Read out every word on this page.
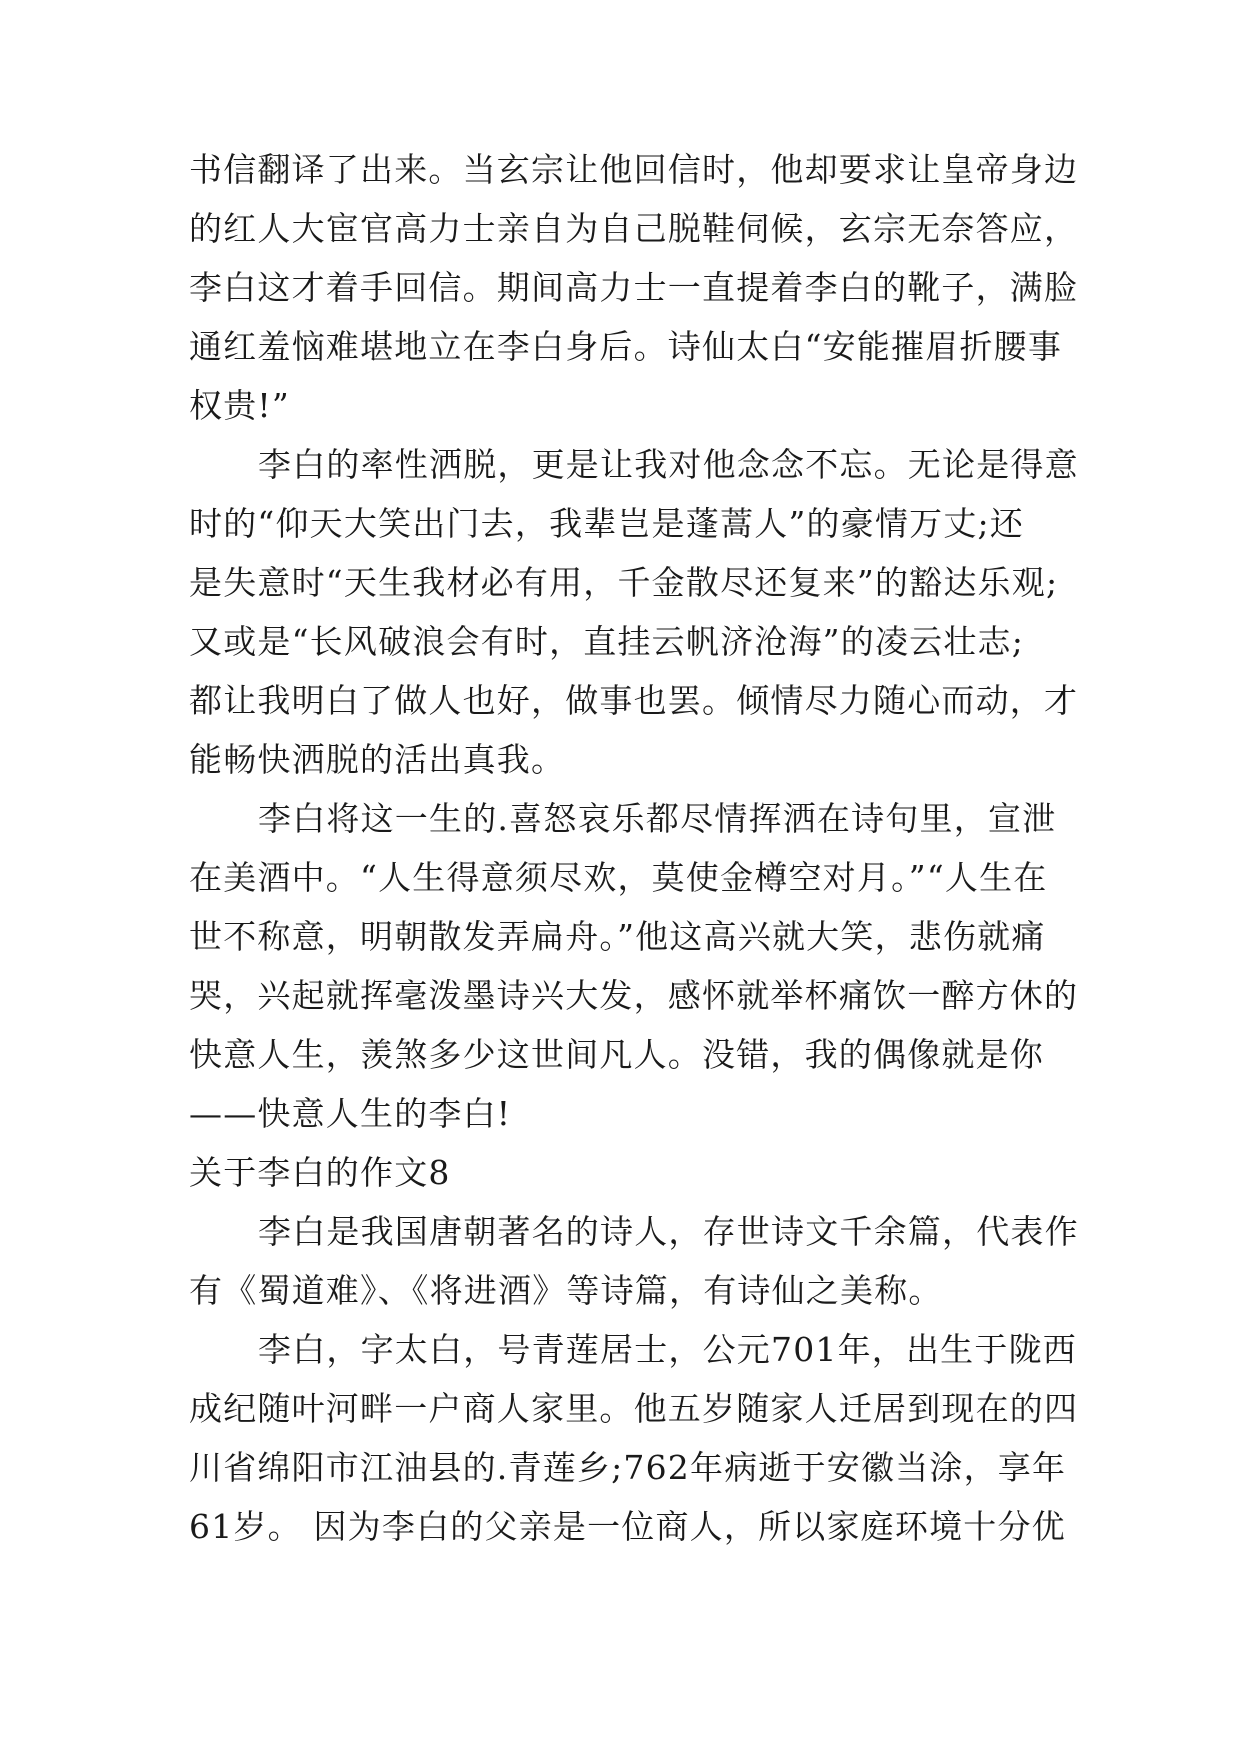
书信翻译了出来。当玄宗让他回信时，他却要求让皇帝身边
的红人大宦官高力士亲自为自己脱鞋伺候，玄宗无奈答应，
李白这才着手回信。期间高力士一直提着李白的靴子，满脸
通红羞恼难堪地立在李白身后。诗仙太白“安能摧眉折腰事
权贵!”
李白的率性洒脱，更是让我对他念念不忘。无论是得意
时的“仰天大笑出门去，我辈岂是蓬蒿人”的豪情万丈;还
是失意时“天生我材必有用，千金散尽还复来”的豁达乐观;
又或是“长风破浪会有时，直挂云帆济沧海”的凌云壮志;
都让我明白了做人也好，做事也罢。倾情尽力随心而动，才
能畅快洒脱的活出真我。
李白将这一生的.喜怒哀乐都尽情挥洒在诗句里，宣泄
在美酒中。“人生得意须尽欢，莫使金樽空对月。”“人生在
世不称意，明朝散发弄扁舟。”他这高兴就大笑，悲伤就痛
哭，兴起就挥毫泼墨诗兴大发，感怀就举杯痛饮一醉方休的
快意人生，羡煞多少这世间凡人。没错，我的偶像就是你
——快意人生的李白!
关于李白的作文8
李白是我国唐朝著名的诗人，存世诗文千余篇，代表作
有《蜀道难》、《将进酒》等诗篇，有诗仙之美称。
李白，字太白，号青莲居士，公元701年，出生于陇西
成纪随叶河畔一户商人家里。他五岁随家人迁居到现在的四
川省绵阳市江油县的.青莲乡;762年病逝于安徽当涂，享年
61岁。 因为李白的父亲是一位商人，所以家庭环境十分优
